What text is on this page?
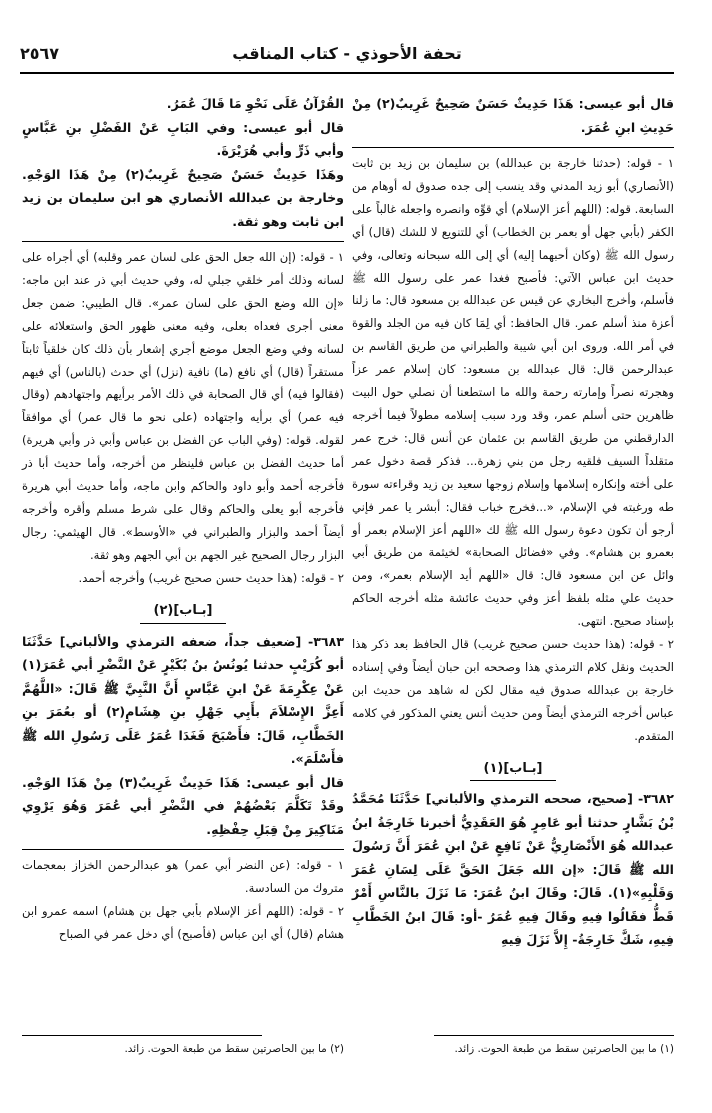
تحفة الأحوذي - كتاب المناقب
٢٥٦٧

قال أبو عيسى: هَذَا حَدِيثٌ حَسَنٌ صَحِيحٌ غَرِيبٌ(٢) مِنْ حَدِيثِ ابنِ عُمَرَ.

١ - قوله: (حدثنا خارجة بن عبدالله) بن سليمان بن زيد بن ثابت (الأنصاري) أبو زيد المدني وقد ينسب إلى جده صدوق له أوهام من السابعة. قوله: (اللهم أعز الإسلام) أي قوِّه وانصره واجعله غالباً على الكفر (بأبي جهل أو بعمر بن الخطاب) أي للتنويع لا للشك (قال) أي رسول الله ﷺ (وكان أحبهما إليه) أي إلى الله سبحانه وتعالى، وفي حديث ابن عباس الآتي: فأصبح فغدا عمر على رسول الله ﷺ فأسلم، وأخرج البخاري عن قيس عن عبدالله بن مسعود قال: ما زلنا أعزة منذ أسلم عمر. قال الحافظ: أي لِمَا كان فيه من الجلد والقوة في أمر الله. وروى ابن أبي شيبة والطبراني من طريق القاسم بن عبدالرحمن قال: قال عبدالله بن مسعود: كان إسلام عمر عزاً وهجرته نصراً وإمارته رحمة والله ما استطعنا أن نصلي حول البيت ظاهرين حتى أسلم عمر، وقد ورد سبب إسلامه مطولاً فيما أخرجه الدارقطني من طريق القاسم بن عثمان عن أنس قال: خرج عمر متقلداً السيف فلقيه رجل من بني زهرة... فذكر قصة دخول عمر على أخته وإنكاره إسلامها وإسلام زوجها سعيد بن زيد وقراءته سورة طه ورغبته في الإسلام، «...فخرج خباب فقال: أبشر يا عمر فإني أرجو أن تكون دعوة رسول الله ﷺ لك «اللهم أعز الإسلام بعمر أو بعمرو بن هشام». وفي «فضائل الصحابة» لخيثمة من طريق أبي وائل عن ابن مسعود قال: قال «اللهم أيد الإسلام بعمر»، ومن حديث علي مثله بلفظ أعز وفي حديث عائشة مثله أخرجه الحاكم بإسناد صحيح. انتهى.

٢ - قوله: (هذا حديث حسن صحيح غريب) قال الحافظ بعد ذكر هذا الحديث ونقل كلام الترمذي هذا وصححه ابن حبان أيضاً وفي إسناده خارجة بن عبدالله صدوق فيه مقال لكن له شاهد من حديث ابن عباس أخرجه الترمذي أيضاً ومن حديث أنس يعني المذكور في كلامه المتقدم.

[بـاب](١)

٣٦٨٢- [صحيح، صححه الترمذي والألباني] حَدَّثَنَا مُحَمَّدُ بْنُ بَشَّارٍ حدثنا أبو عَامِرٍ هُوَ العَقَدِيُّ أخبرنا خَارِجَةُ ابنُ عبدالله هُوَ الأَنْصَارِيُّ عَنْ نَافِعٍ عَنْ ابنِ عُمَرَ أَنَّ رَسُولَ الله ﷺ قَالَ: «إن الله جَعَلَ الحَقَّ عَلَى لِسَانِ عُمَرَ وَقَلْبِهِ»(١). قَالَ: وقَالَ ابنُ عُمَرَ: مَا نَزَلَ بالنَّاسِ أَمْرٌ قَطُّ فقَالُوا فِيهِ وقَالَ فِيهِ عُمَرُ -أو: قَالَ ابنُ الخَطَّابِ فِيهِ، شَكَّ خَارِجَةُ- إِلاَّ نَزَلَ فِيهِ

القُرْآنُ عَلَى نَحْوِ مَا قَالَ عُمَرُ.

قال أبو عيسى: وفي البَابِ عَنْ الفَضْلِ بنِ عَبَّاسٍ وأبي ذَرٍّ وأبي هُرَيْرَةَ.

وهَذَا حَدِيثٌ حَسَنٌ صَحِيحٌ غَرِيبٌ(٢) مِنْ هَذَا الوَجْهِ. وخارجة بن عبدالله الأنصاري هو ابن سليمان بن زيد ابن ثابت وهو ثقة.

١ - قوله: (إن الله جعل الحق على لسان عمر وقلبه) أي أجراه على لسانه وذلك أمر خلقي جبلي له، وفي حديث أبي ذر عند ابن ماجه: «إن الله وضع الحق على لسان عمر». قال الطيبي: ضمن جعل معنى أجرى فعداه بعلى، وفيه معنى ظهور الحق واستعلائه على لسانه وفي وضع الجعل موضع أجري إشعار بأن ذلك كان خلقياً ثابتاً مستقراً (قال) أي نافع (ما) نافية (نزل) أي حدث (بالناس) أي فيهم (فقالوا فيه) أي قال الصحابة في ذلك الأمر برأيهم واجتهادهم (وقال فيه عمر) أي برأيه واجتهاده (على نحو ما قال عمر) أي موافقاً لقوله. قوله: (وفي الباب عن الفضل بن عباس وأبي ذر وأبي هريرة) أما حديث الفضل بن عباس فلينظر من أخرجه، وأما حديث أبا ذر فأخرجه أحمد وأبو داود والحاكم وابن ماجه، وأما حديث أبي هريرة فأخرجه أبو يعلى والحاكم وقال على شرط مسلم وأقره وأخرجه أيضاً أحمد والبزار والطبراني في «الأوسط». قال الهيثمي: رجال البزار رجال الصحيح غير الجهم بن أبي الجهم وهو ثقة.

٢ - قوله: (هذا حديث حسن صحيح غريب) وأخرجه أحمد.

[بـاب](٢)

٣٦٨٣- [ضعيف جداً، ضعفه الترمذي والألباني] حَدَّثَنَا أبو كُرَيْبٍ حدثنا يُونُسُ بنُ بُكَيْرٍ عَنْ النَّضْرِ أبي عُمَرَ(١) عَنْ عِكْرِمَةَ عَنْ ابنِ عَبَّاسٍ أَنَّ النَّبِيَّ ﷺ قَالَ: «اللَّهُمَّ أَعِزَّ الإِسْلاَمَ بأَبِي جَهْلِ بنِ هِشَامٍ(٢) أو بعُمَرَ بنِ الخَطَّابِ، قَالَ: فأَصْبَحَ فَغَدَا عُمَرُ عَلَى رَسُولِ الله ﷺ فأَسْلَمَ».

قال أبو عيسى: هَذَا حَدِيثٌ غَرِيبٌ(٣) مِنْ هَذَا الوَجْهِ. وقَدْ تَكَلَّمَ بَعْضُهُمْ في النَّضْرِ أبي عُمَرَ وَهُوَ يَرْوِي مَنَاكِيرَ مِنْ قِبَلِ حِفْظِهِ.

١ - قوله: (عن النضر أبي عمر) هو عبدالرحمن الخزاز بمعجمات متروك من السادسة.

٢ - قوله: (اللهم أعز الإسلام بأبي جهل بن هشام) اسمه عمرو ابن هشام (قال) أي ابن عباس (فأصبح) أي دخل عمر في الصباح

(١) ما بين الحاصرتين سقط من طبعة الحوت. زائد.
(٢) ما بين الحاصرتين سقط من طبعة الحوت. زائد.
